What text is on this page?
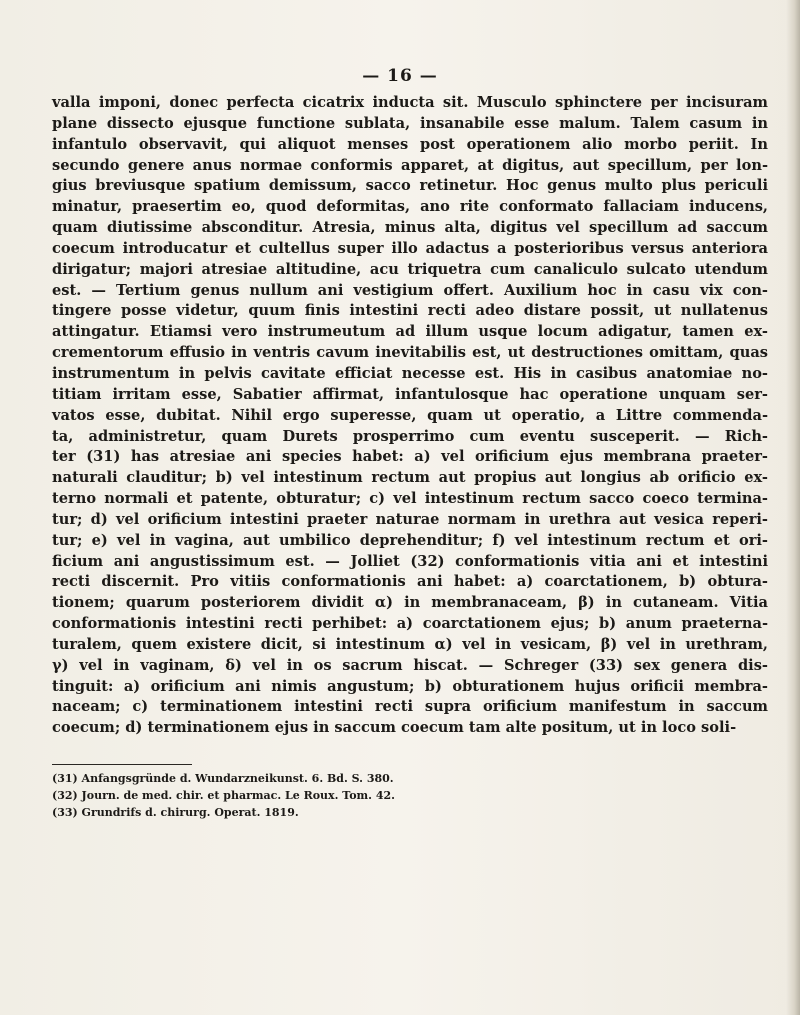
— 16 —
valla imponi, donec perfecta cicatrix inducta sit. Musculo sphinctere per incisuram
plane dissecto ejusque functione sublata, insanabile esse malum. Talem casum in
infantulo observavit, qui aliquot menses post operationem alio morbo periit. In
secundo genere anus normae conformis apparet, at digitus, aut specillum, per lon-
gius breviusque spatium demissum, sacco retinetur. Hoc genus multo plus periculi
minatur, praesertim eo, quod deformitas, ano rite conformato fallaciam inducens,
quam diutissime absconditur. Atresia, minus alta, digitus vel specillum ad saccum
coecum introducatur et cultellus super illo adactus a posterioribus versus anteriora
dirigatur; majori atresiae altitudine, acu triquetra cum canaliculo sulcato utendum
est. — Tertium genus nullum ani vestigium offert. Auxilium hoc in casu vix con-
tingere posse videtur, quum finis intestini recti adeo distare possit, ut nullatenus
attingatur. Etiamsi vero instrumeutum ad illum usque locum adigatur, tamen ex-
crementorum effusio in ventris cavum inevitabilis est, ut destructiones omittam, quas
instrumentum in pelvis cavitate efficiat necesse est. His in casibus anatomiae no-
titiam irritam esse, Sabatier affirmat, infantulosque hac operatione unquam ser-
vatos esse, dubitat. Nihil ergo superesse, quam ut operatio, a Littre commenda-
ta, administretur, quam Durets prosperrimo cum eventu susceperit. — Rich-
ter (31) has atresiae ani species habet: a) vel orificium ejus membrana praeter-
naturali clauditur; b) vel intestinum rectum aut propius aut longius ab orificio ex-
terno normali et patente, obturatur; c) vel intestinum rectum sacco coeco termina-
tur; d) vel orificium intestini praeter naturae normam in urethra aut vesica reperi-
tur; e) vel in vagina, aut umbilico deprehenditur; f) vel intestinum rectum et ori-
ficium ani angustissimum est. — Jolliet (32) conformationis vitia ani et intestini
recti discernit. Pro vitiis conformationis ani habet: a) coarctationem, b) obtura-
tionem; quarum posteriorem dividit α) in membranaceam, β) in cutaneam. Vitia
conformationis intestini recti perhibet: a) coarctationem ejus; b) anum praeterna-
turalem, quem existere dicit, si intestinum α) vel in vesicam, β) vel in urethram,
γ) vel in vaginam, δ) vel in os sacrum hiscat. — Schreger (33) sex genera dis-
tinguit: a) orificium ani nimis angustum; b) obturationem hujus orificii membra-
naceam; c) terminationem intestini recti supra orificium manifestum in saccum
coecum; d) terminationem ejus in saccum coecum tam alte positum, ut in loco soli-
(31) Anfangsgründe d. Wundarzneikunst. 6. Bd. S. 380.
(32) Journ. de med. chir. et pharmac. Le Roux. Tom. 42.
(33) Grundrifs d. chirurg. Operat. 1819.
